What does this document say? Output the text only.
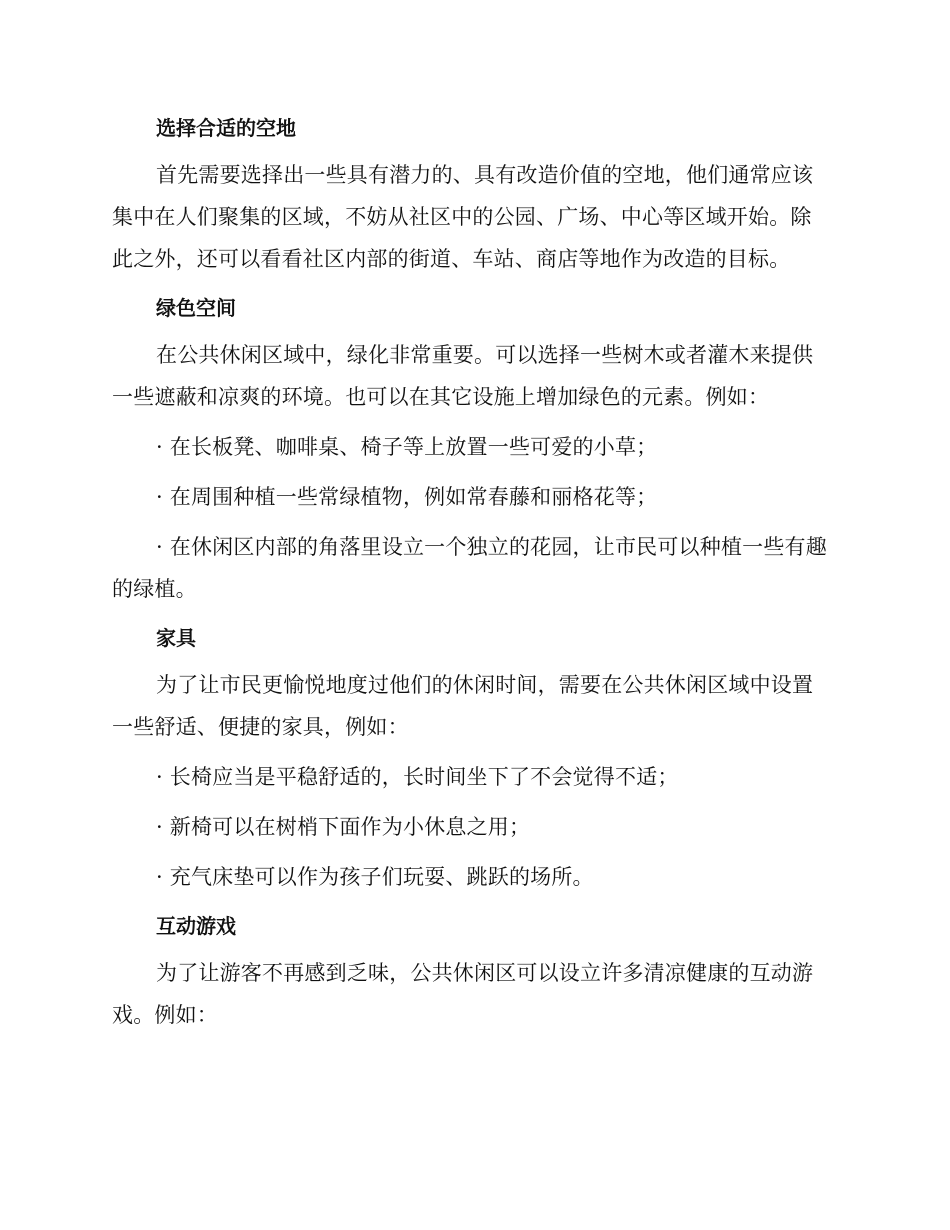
选择合适的空地

首先需要选择出一些具有潜力的、具有改造价值的空地，他们通常应该集中在人们聚集的区域，不妨从社区中的公园、广场、中心等区域开始。除此之外，还可以看看社区内部的街道、车站、商店等地作为改造的目标。

绿色空间

在公共休闲区域中，绿化非常重要。可以选择一些树木或者灌木来提供一些遮蔽和凉爽的环境。也可以在其它设施上增加绿色的元素。例如：

· 在长板凳、咖啡桌、椅子等上放置一些可爱的小草；

· 在周围种植一些常绿植物，例如常春藤和丽格花等；

· 在休闲区内部的角落里设立一个独立的花园，让市民可以种植一些有趣的绿植。

家具

为了让市民更愉悦地度过他们的休闲时间，需要在公共休闲区域中设置一些舒适、便捷的家具，例如：

· 长椅应当是平稳舒适的，长时间坐下了不会觉得不适；

· 新椅可以在树梢下面作为小休息之用；

· 充气床垫可以作为孩子们玩耍、跳跃的场所。

互动游戏

为了让游客不再感到乏味，公共休闲区可以设立许多清凉健康的互动游戏。例如：
